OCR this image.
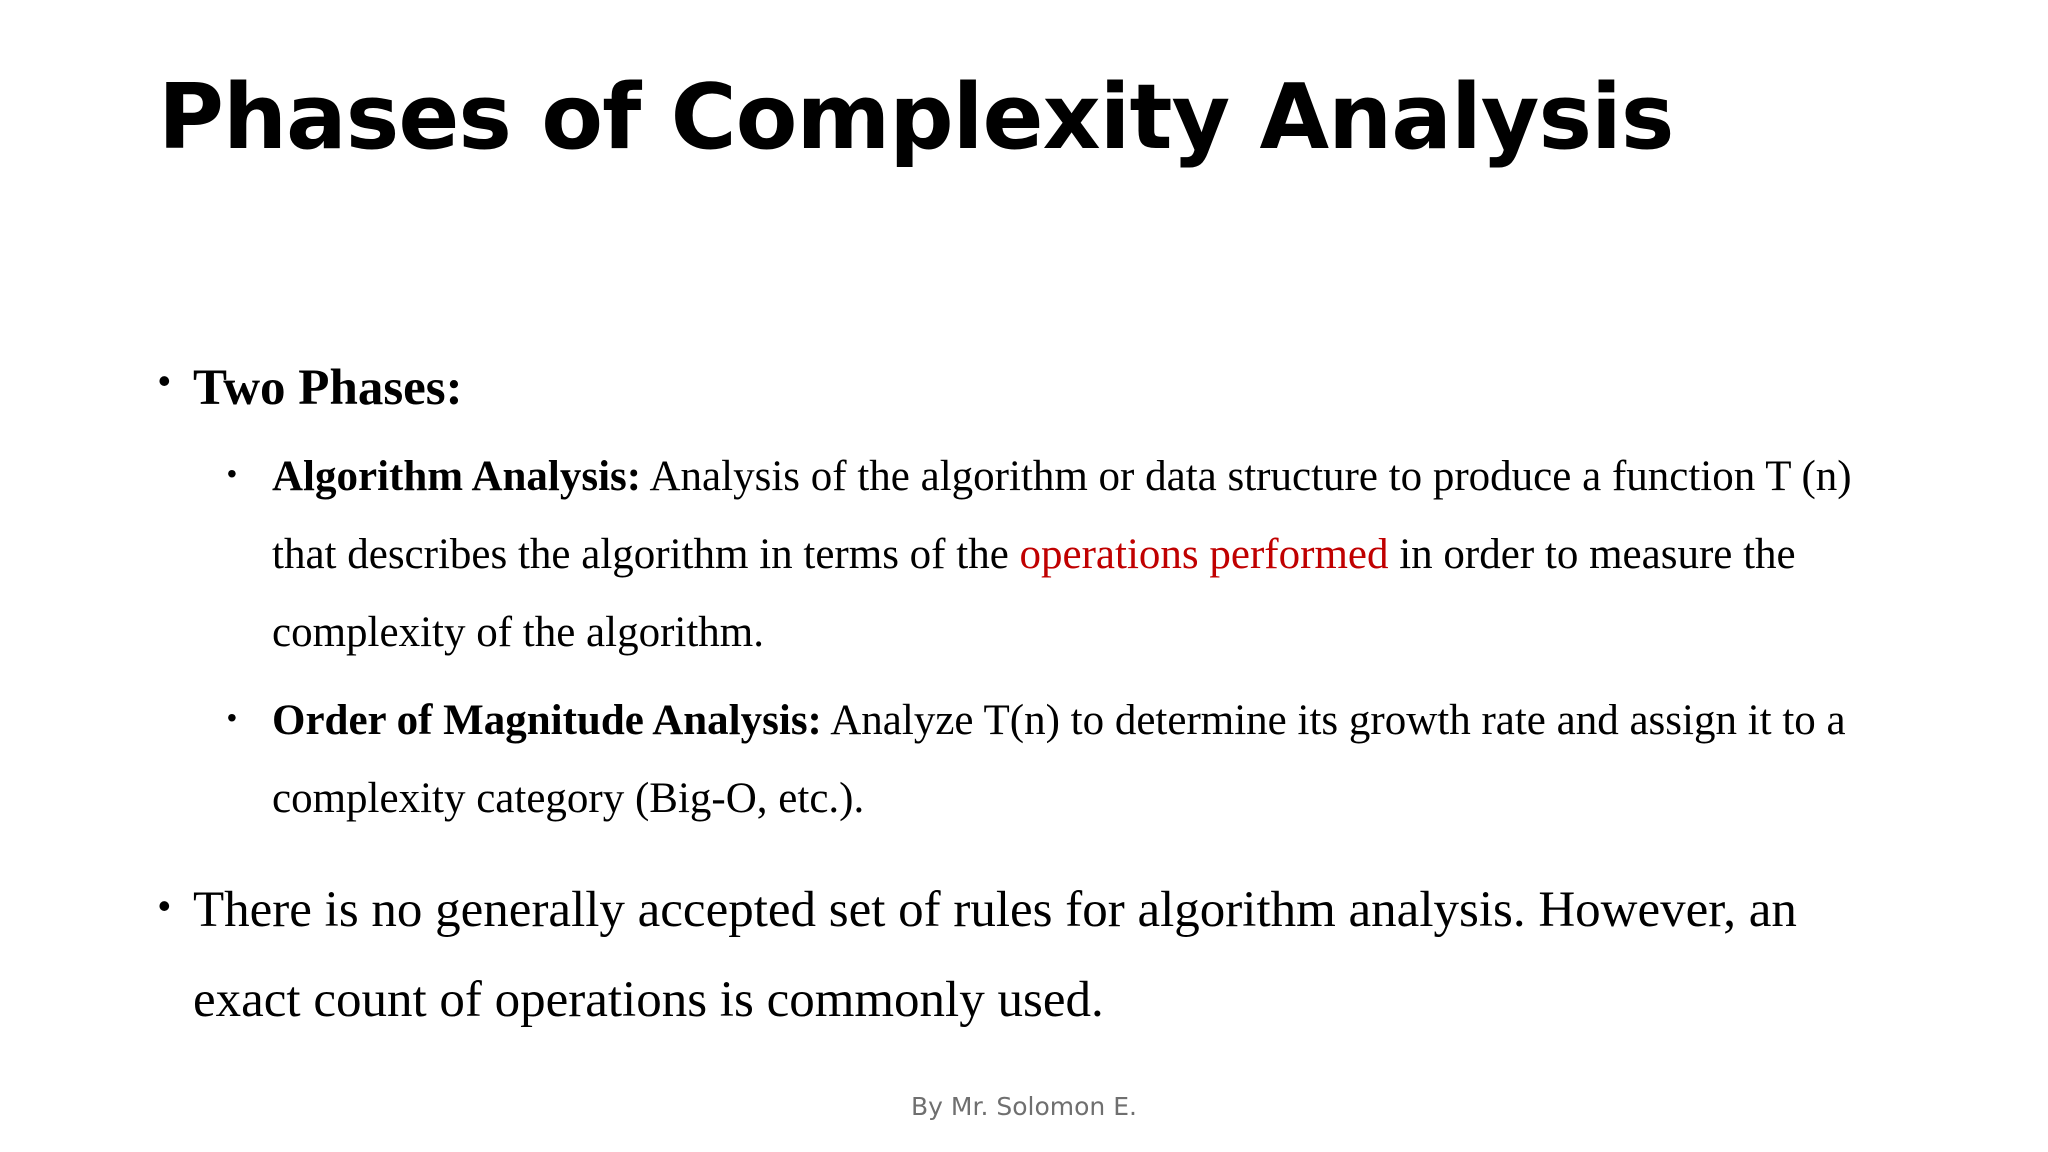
Phases of Complexity Analysis
• Two Phases:
• Algorithm Analysis: Analysis of the algorithm or data structure to produce a function T (n) that describes the algorithm in terms of the operations performed in order to measure the complexity of the algorithm.
• Order of Magnitude Analysis: Analyze T(n) to determine its growth rate and assign it to a complexity category (Big-O, etc.).
• There is no generally accepted set of rules for algorithm analysis. However, an exact count of operations is commonly used.
By Mr. Solomon E.
